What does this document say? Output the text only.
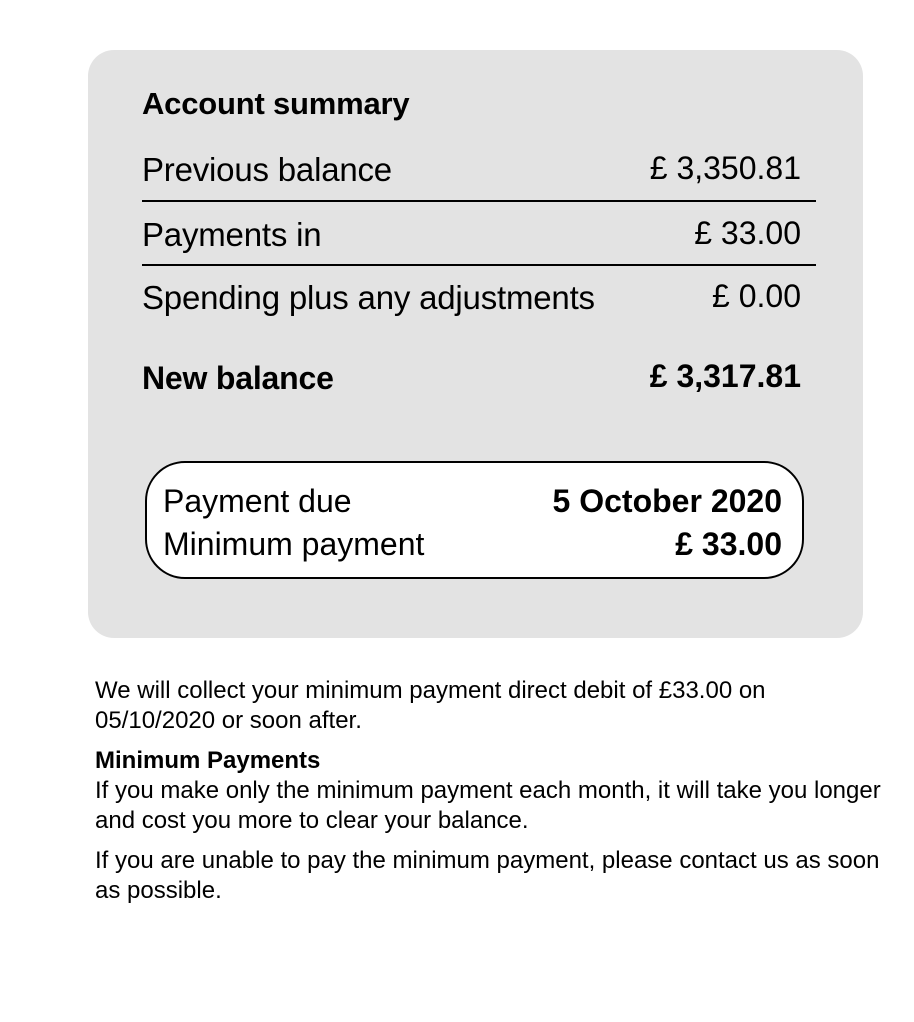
Account summary
Previous balance	£ 3,350.81
Payments in	£ 33.00
Spending plus any adjustments	£ 0.00
New balance	£ 3,317.81
Payment due	5 October 2020
Minimum payment	£ 33.00

We will collect your minimum payment direct debit of £33.00 on 05/10/2020 or soon after.

Minimum Payments

If you make only the minimum payment each month, it will take you longer and cost you more to clear your balance.

If you are unable to pay the minimum payment, please contact us as soon as possible.
